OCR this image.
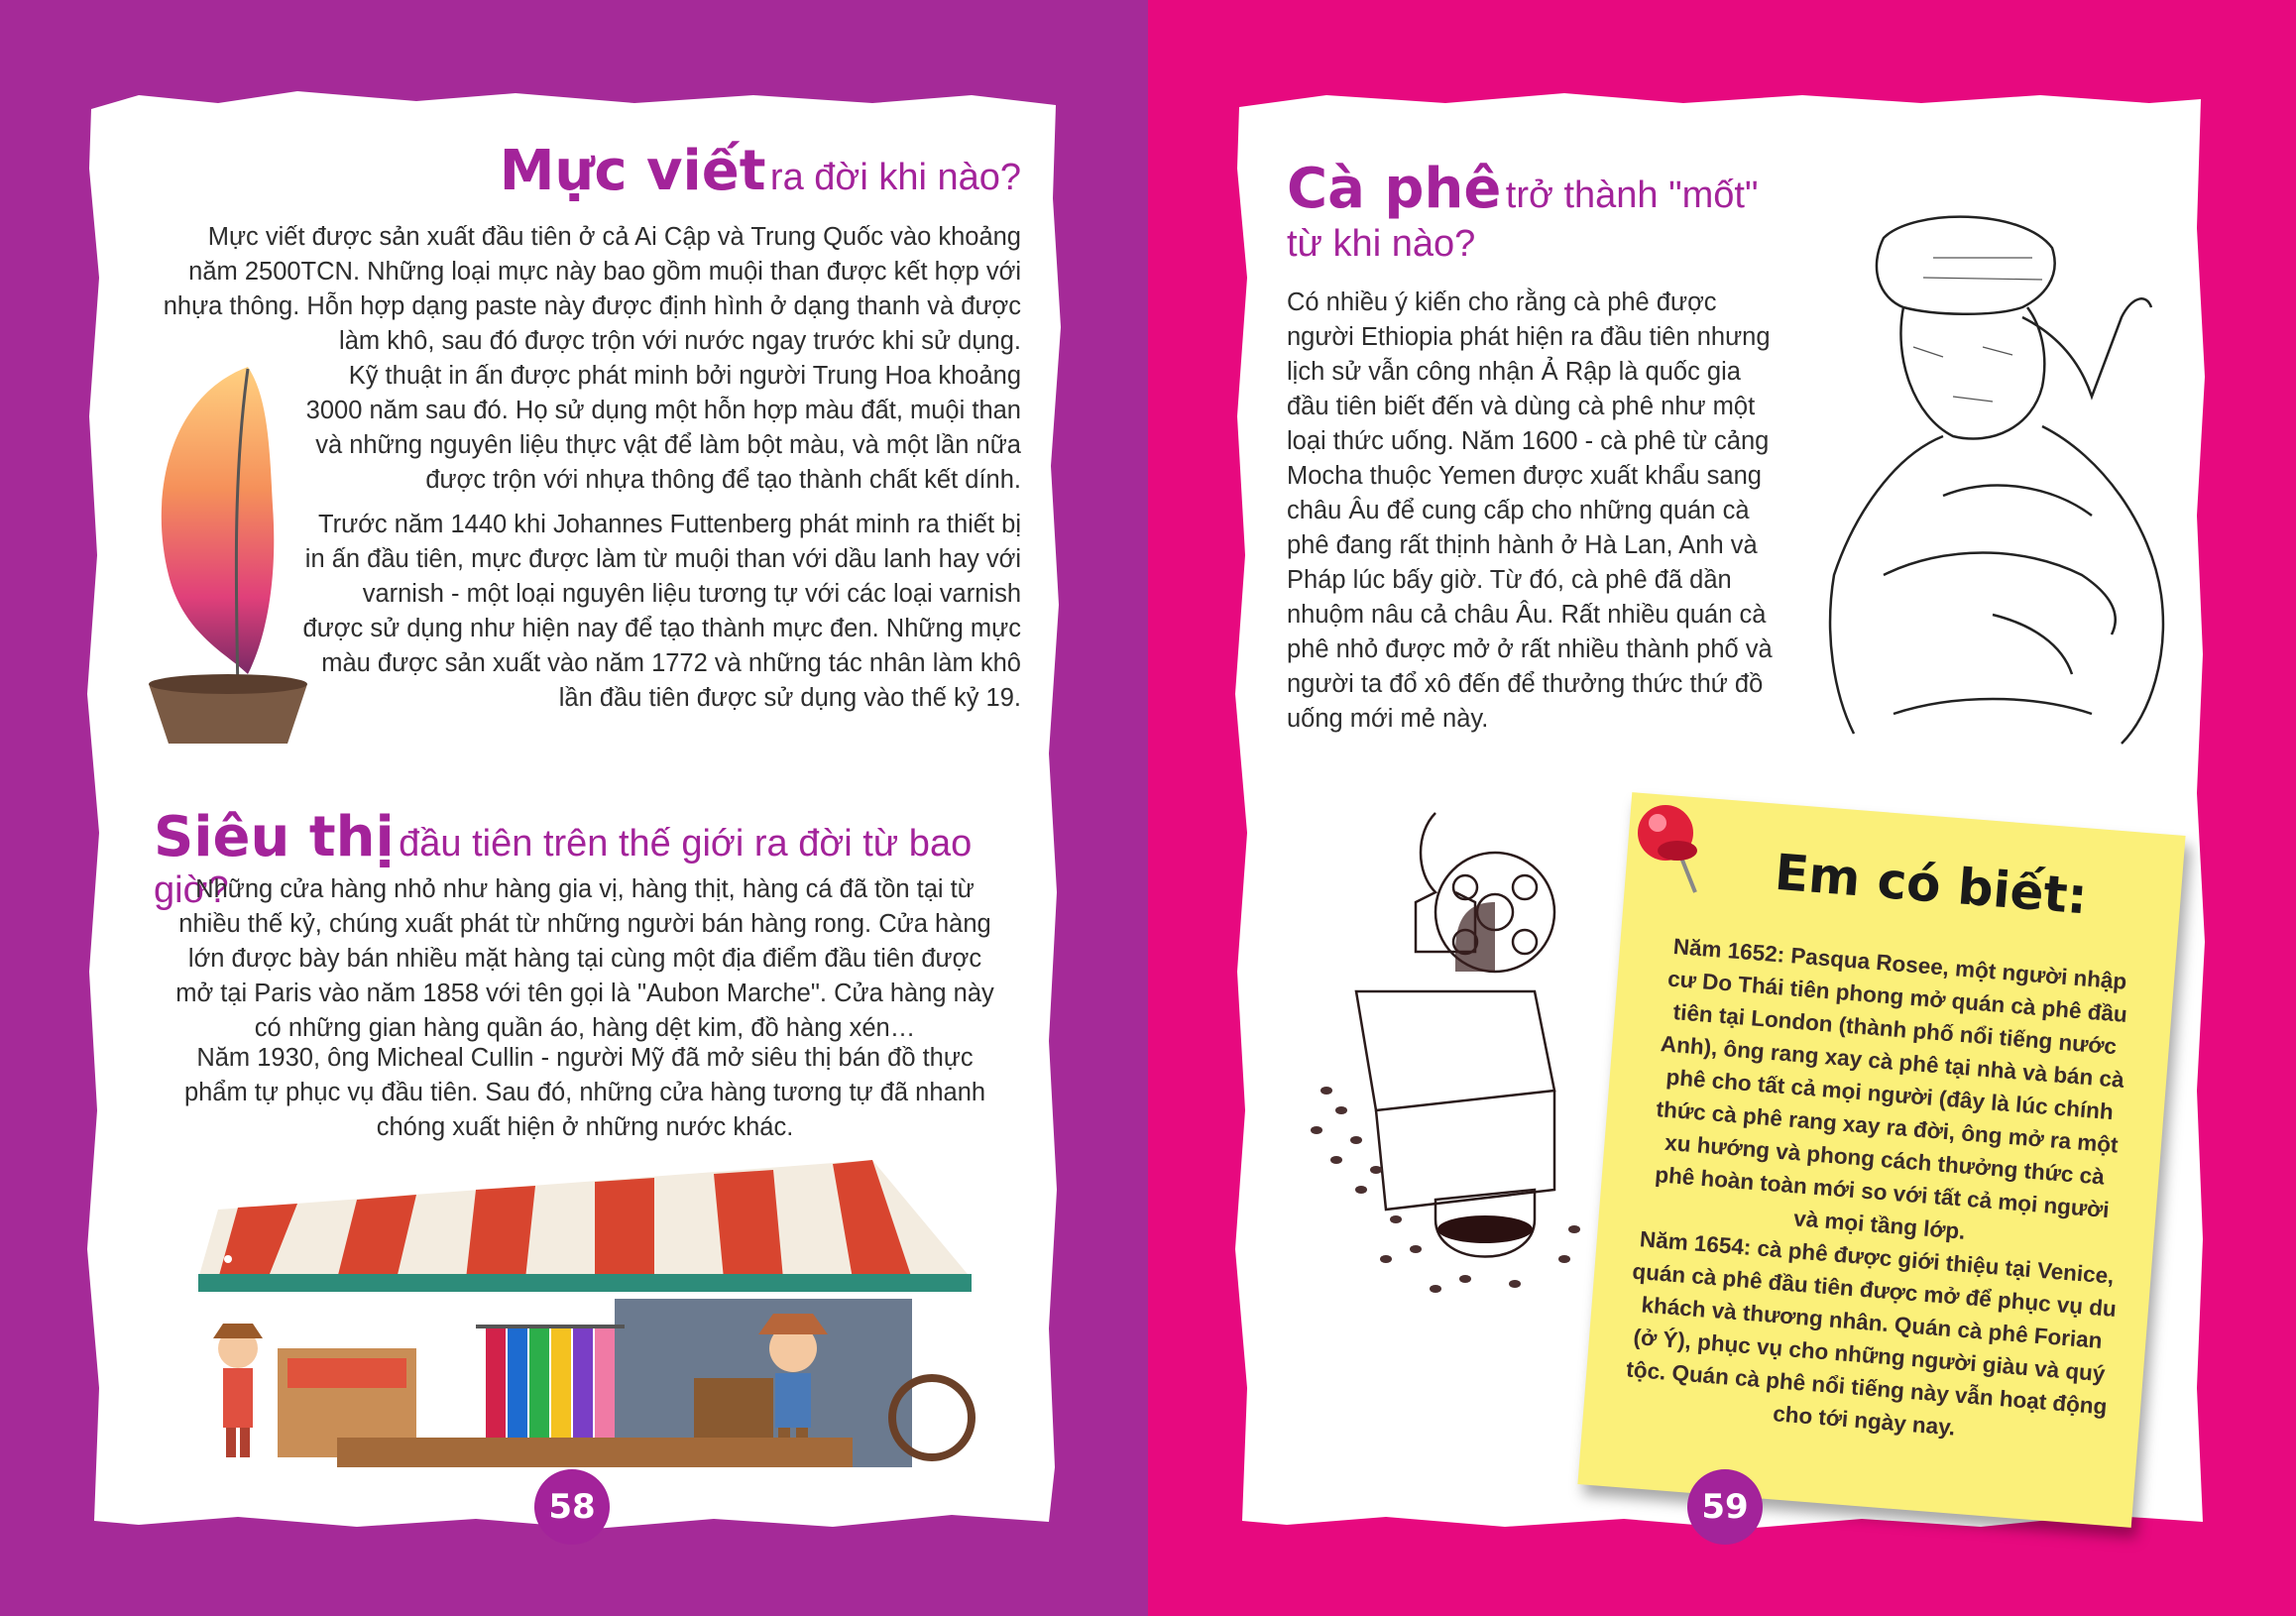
Mực viết ra đời khi nào?
Mực viết được sản xuất đầu tiên ở cả Ai Cập và Trung Quốc vào khoảng năm 2500TCN. Những loại mực này bao gồm muội than được kết hợp với nhựa thông. Hỗn hợp dạng paste này được định hình ở dạng thanh và được làm khô, sau đó được trộn với nước ngay trước khi sử dụng.
Kỹ thuật in ấn được phát minh bởi người Trung Hoa khoảng 3000 năm sau đó. Họ sử dụng một hỗn hợp màu đất, muội than và những nguyên liệu thực vật để làm bột màu, và một lần nữa được trộn với nhựa thông để tạo thành chất kết dính.
Trước năm 1440 khi Johannes Futtenberg phát minh ra thiết bị in ấn đầu tiên, mực được làm từ muội than với dầu lanh hay với varnish - một loại nguyên liệu tương tự với các loại varnish được sử dụng như hiện nay để tạo thành mực đen. Những mực màu được sản xuất vào năm 1772 và những tác nhân làm khô lần đầu tiên được sử dụng vào thế kỷ 19.
Siêu thị đầu tiên trên thế giới ra đời từ bao giờ?
Những cửa hàng nhỏ như hàng gia vị, hàng thịt, hàng cá đã tồn tại từ nhiều thế kỷ, chúng xuất phát từ những người bán hàng rong. Cửa hàng lớn được bày bán nhiều mặt hàng tại cùng một địa điểm đầu tiên được mở tại Paris vào năm 1858 với tên gọi là "Aubon Marche". Cửa hàng này có những gian hàng quần áo, hàng dệt kim, đồ hàng xén…
Năm 1930, ông Micheal Cullin - người Mỹ đã mở siêu thị bán đồ thực phẩm tự phục vụ đầu tiên. Sau đó, những cửa hàng tương tự đã nhanh chóng xuất hiện ở những nước khác.
58
Cà phê trở thành "mốt"
từ khi nào?
Có nhiều ý kiến cho rằng cà phê được người Ethiopia phát hiện ra đầu tiên nhưng lịch sử vẫn công nhận Ả Rập là quốc gia đầu tiên biết đến và dùng cà phê như một loại thức uống. Năm 1600 - cà phê từ cảng Mocha thuộc Yemen được xuất khẩu sang châu Âu để cung cấp cho những quán cà phê đang rất thịnh hành ở Hà Lan, Anh và Pháp lúc bấy giờ. Từ đó, cà phê đã dần nhuộm nâu cả châu Âu. Rất nhiều quán cà phê nhỏ được mở ở rất nhiều thành phố và người ta đổ xô đến để thưởng thức thứ đồ uống mới mẻ này.
Em có biết:
Năm 1652: Pasqua Rosee, một người nhập cư Do Thái tiên phong mở quán cà phê đầu tiên tại London (thành phố nổi tiếng nước Anh), ông rang xay cà phê tại nhà và bán cà phê cho tất cả mọi người (đây là lúc chính thức cà phê rang xay ra đời, ông mở ra một xu hướng và phong cách thưởng thức cà phê hoàn toàn mới so với tất cả mọi người và mọi tầng lớp.
Năm 1654: cà phê được giới thiệu tại Venice, quán cà phê đầu tiên được mở để phục vụ du khách và thương nhân. Quán cà phê Forian (ở Ý), phục vụ cho những người giàu và quý tộc. Quán cà phê nổi tiếng này vẫn hoạt động cho tới ngày nay.
59
